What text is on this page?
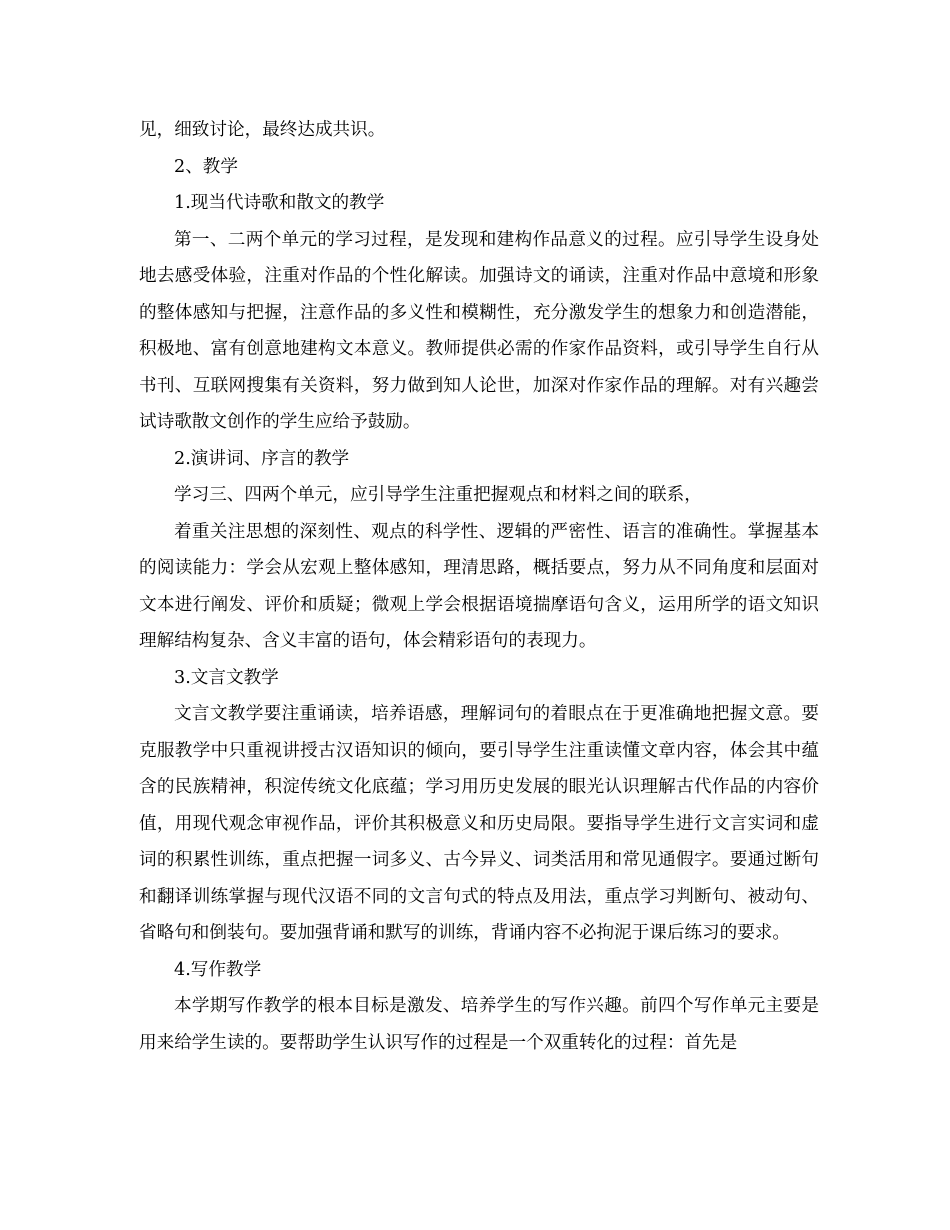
见，细致讨论，最终达成共识。

2、教学

1.现当代诗歌和散文的教学

第一、二两个单元的学习过程，是发现和建构作品意义的过程。应引导学生设身处地去感受体验，注重对作品的个性化解读。加强诗文的诵读，注重对作品中意境和形象的整体感知与把握，注意作品的多义性和模糊性，充分激发学生的想象力和创造潜能，积极地、富有创意地建构文本意义。教师提供必需的作家作品资料，或引导学生自行从书刊、互联网搜集有关资料，努力做到知人论世，加深对作家作品的理解。对有兴趣尝试诗歌散文创作的学生应给予鼓励。

2.演讲词、序言的教学

学习三、四两个单元，应引导学生注重把握观点和材料之间的联系，

着重关注思想的深刻性、观点的科学性、逻辑的严密性、语言的准确性。掌握基本的阅读能力：学会从宏观上整体感知，理清思路，概括要点，努力从不同角度和层面对文本进行阐发、评价和质疑；微观上学会根据语境揣摩语句含义，运用所学的语文知识理解结构复杂、含义丰富的语句，体会精彩语句的表现力。

3.文言文教学

文言文教学要注重诵读，培养语感，理解词句的着眼点在于更准确地把握文意。要克服教学中只重视讲授古汉语知识的倾向，要引导学生注重读懂文章内容，体会其中蕴含的民族精神，积淀传统文化底蕴；学习用历史发展的眼光认识理解古代作品的内容价值，用现代观念审视作品，评价其积极意义和历史局限。要指导学生进行文言实词和虚词的积累性训练，重点把握一词多义、古今异义、词类活用和常见通假字。要通过断句和翻译训练掌握与现代汉语不同的文言句式的特点及用法，重点学习判断句、被动句、省略句和倒装句。要加强背诵和默写的训练，背诵内容不必拘泥于课后练习的要求。

4.写作教学

本学期写作教学的根本目标是激发、培养学生的写作兴趣。前四个写作单元主要是用来给学生读的。要帮助学生认识写作的过程是一个双重转化的过程：首先是
